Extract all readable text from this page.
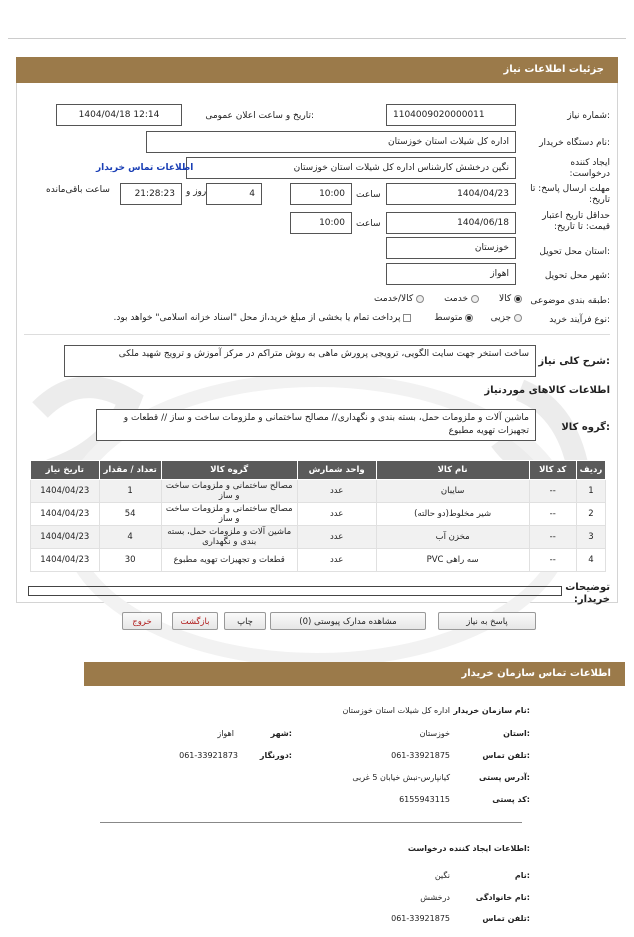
جزئیات اطلاعات نیاز
شماره نیاز:
1104009020000011
تاریخ و ساعت اعلان عمومی:
1404/04/18 12:14
نام دستگاه خریدار:
اداره کل شیلات استان خوزستان
ایجاد کننده درخواست:
نگین درخشش کارشناس اداره کل شیلات استان خوزستان
اطلاعات تماس خریدار
مهلت ارسال پاسخ: تا تاریخ:
1404/04/23
ساعت
10:00
4
روز و
21:28:23
ساعت باقی‌مانده
حداقل تاریخ اعتبار قیمت: تا تاریخ:
1404/06/18
ساعت
10:00
استان محل تحویل:
خوزستان
شهر محل تحویل:
اهواز
طبقه بندی موضوعی:
کالا        خدمت        کالا/خدمت
نوع فرآیند خرید:
جزیی       متوسط         پرداخت تمام یا بخشی از مبلغ خرید،از محل "اسناد خزانه اسلامی" خواهد بود.
شرح کلی نیاز:
ساخت استخر جهت سایت الگویی، ترویجی پرورش ماهی به روش متراکم در مرکز آموزش و ترویج شهید ملکی
اطلاعات کالاهای موردنیاز
گروه کالا:
ماشین آلات و ملزومات حمل، بسته بندی و نگهداری// مصالح ساختمانی و ملزومات ساخت و ساز // قطعات و تجهیزات تهویه مطبوع
ردیف	کد کالا	نام کالا	واحد شمارش	گروه کالا	تعداد / مقدار	تاریخ نیاز
1	--	سایبان	عدد	مصالح ساختمانی و ملزومات ساخت و ساز	1	1404/04/23
2	--	شیر مخلوط(دو حالته)	عدد	مصالح ساختمانی و ملزومات ساخت و ساز	54	1404/04/23
3	--	مخزن آب	عدد	ماشین آلات و ملزومات حمل، بسته بندی و نگهداری	4	1404/04/23
4	--	سه راهی PVC	عدد	قطعات و تجهیزات تهویه مطبوع	30	1404/04/23
توضیحات خریدار:
پاسخ به نیاز
مشاهده مدارک پیوستی (0)
چاپ
بازگشت
خروج
اطلاعات تماس سازمان خریدار
نام سازمان خریدار:
اداره کل شیلات استان خوزستان
استان:
خوزستان
شهر:
اهواز
تلفن تماس:
061-33921875
دورنگار:
061-33921873
آدرس پستی:
کیانپارس-نبش خیابان 5 غربی
کد پستی:
6155943115
اطلاعات ایجاد کننده درخواست:
نام:
نگین
نام خانوادگی:
درخشش
تلفن تماس:
061-33921875
